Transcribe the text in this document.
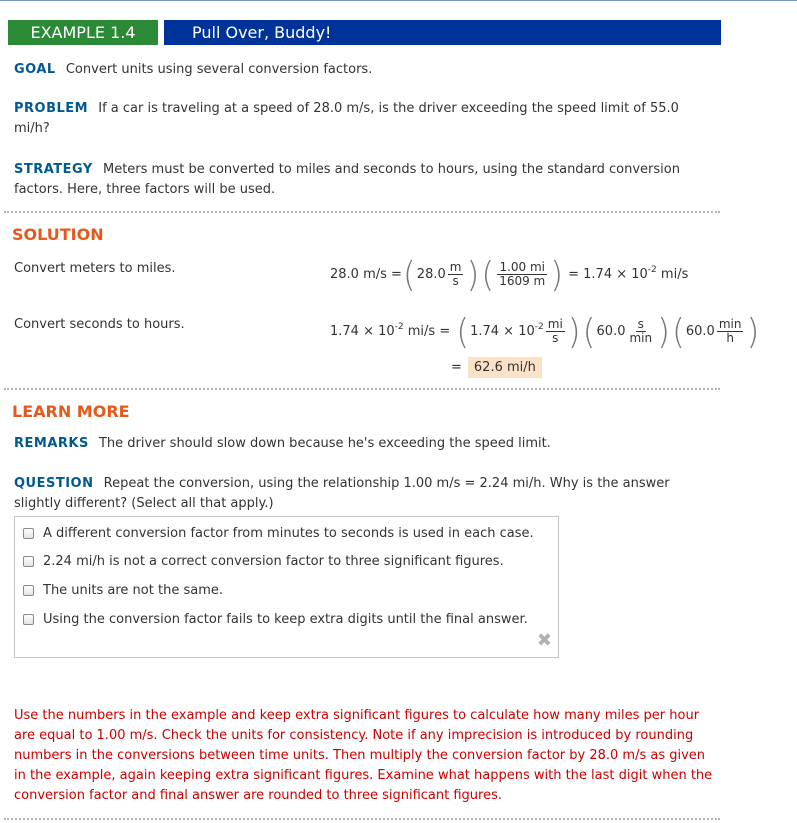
EXAMPLE 1.4	Pull Over, Buddy!
GOAL Convert units using several conversion factors.
PROBLEM If a car is traveling at a speed of 28.0 m/s, is the driver exceeding the speed limit of 55.0 mi/h?
STRATEGY Meters must be converted to miles and seconds to hours, using the standard conversion factors. Here, three factors will be used.
SOLUTION
Convert meters to miles.	28.0 m/s = ( $28.0 \frac{m}{s}$ ) ( $\frac{1.00 mi}{1609 m}$ ) = $1.74 \times 10^{-2}$ mi/s
Convert seconds to hours.	$1.74 \times 10^{-2}$ mi/s = ( $1.74 \times 10^{-2} \frac{mi}{s}$ ) ( $60.0 \frac{s}{\min}$ ) ( $60.0 \frac{\min}{h}$ )
= 62.6 mi/h
LEARN MORE
REMARKS The driver should slow down because he's exceeding the speed limit.
QUESTION Repeat the conversion, using the relationship 1.00 m/s = 2.24 mi/h. Why is the answer slightly different? (Select all that apply.)
A different conversion factor from minutes to seconds is used in each case.
2.24 mi/h is not a correct conversion factor to three significant figures.
The units are not the same.
Using the conversion factor fails to keep extra digits until the final answer.
✖
Use the numbers in the example and keep extra significant figures to calculate how many miles per hour are equal to 1.00 m/s. Check the units for consistency. Note if any imprecision is introduced by rounding numbers in the conversions between time units. Then multiply the conversion factor by 28.0 m/s as given in the example, again keeping extra significant figures. Examine what happens with the last digit when the conversion factor and final answer are rounded to three significant figures.
